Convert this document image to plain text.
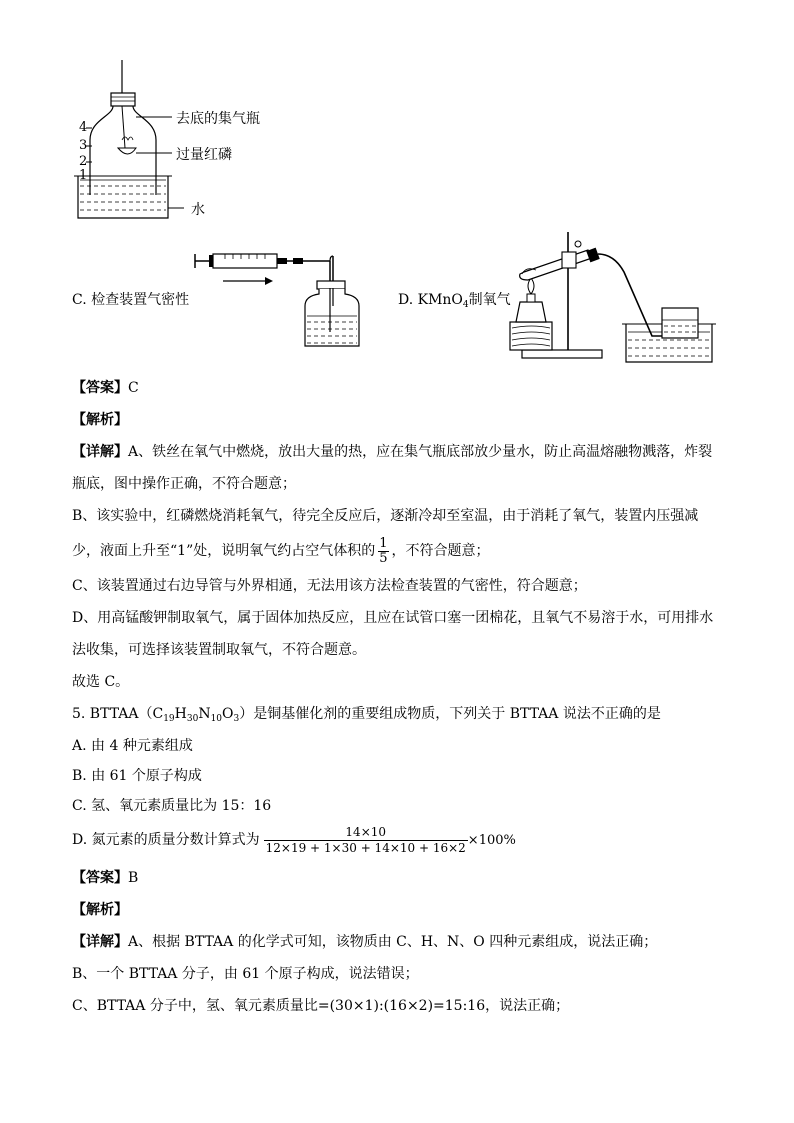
4
3
2
1
去底的集气瓶
过量红磷
水
C. 检查装置气密性	D. KMnO$_4$制氧气
【答案】C
【解析】
【详解】A、铁丝在氧气中燃烧，放出大量的热，应在集气瓶底部放少量水，防止高温熔融物溅落，炸裂
瓶底，图中操作正确，不符合题意；
B、该实验中，红磷燃烧消耗氧气，待完全反应后，逐渐冷却至室温，由于消耗了氧气，装置内压强减
少，液面上升至“1”处，说明氧气约占空气体积的 $\frac{1}{5}$ ，不符合题意；
C、该装置通过右边导管与外界相通，无法用该方法检查装置的气密性，符合题意；
D、用高锰酸钾制取氧气，属于固体加热反应，且应在试管口塞一团棉花，且氧气不易溶于水，可用排水
法收集，可选择该装置制取氧气，不符合题意。
故选 C。
5. $BTTAA(C_{19}H_{30}N_{10}O_3)$是铜基催化剂的重要组成物质，下列关于 BTTAA 说法不正确的是
A. 由 4 种元素组成
B. 由 61 个原子构成
C. 氢、氧元素质量比为 15：16
D. 氮元素的质量分数计算式为 $\frac{14\times 10}{12\times 19 + 1\times 30 + 14\times 10 + 16\times 2} \times 100\%$
【答案】B
【解析】
【详解】A、根据 BTTAA 的化学式可知，该物质由 C、H、N、O 四种元素组成，说法正确；
B、一个 BTTAA 分子，由 61 个原子构成，说法错误；
C、BTTAA 分子中，氢、氧元素质量比=(30×1):(16×2)=15:16，说法正确；
